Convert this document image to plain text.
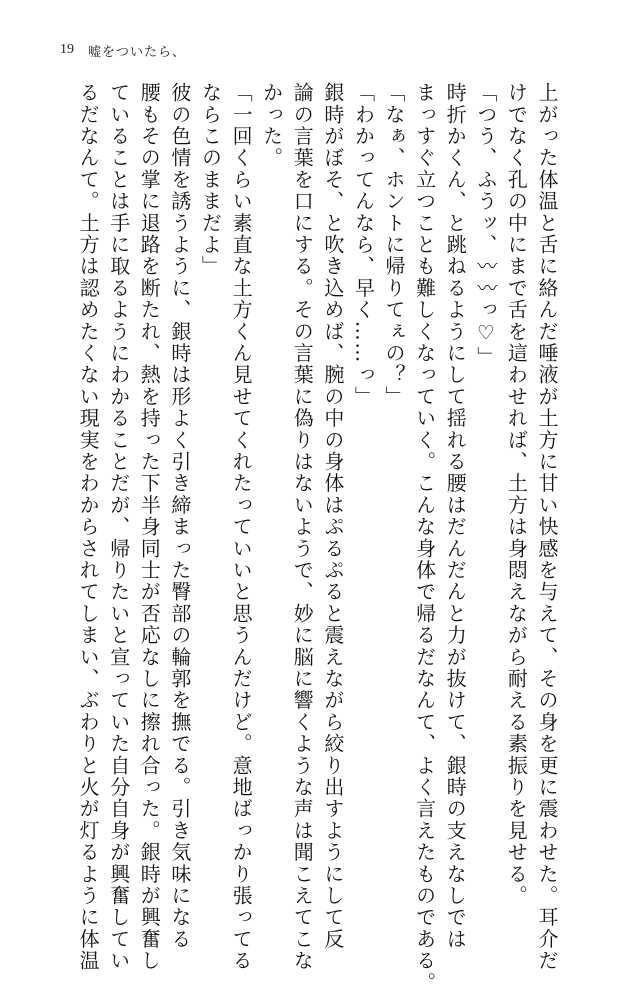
19 嘘をついたら、
上がった体温と舌に絡んだ唾液が土方に甘い快感を与えて、その身を更に震わせた。耳介だ
けでなく孔の中にまで舌を這わせれば、土方は身悶えながら耐える素振りを見せる。
「つう、ふうッ、〰〰っ♡」
時折かくん、と跳ねるようにして揺れる腰はだんだんと力が抜けて、銀時の支えなしでは
まっすぐ立つことも難しくなっていく。こんな身体で帰るだなんて、よく言えたものである。
「なぁ、ホントに帰りてぇの？」
「わかってんなら、早く……っ」
銀時がぼそ、と吹き込めば、腕の中の身体はぷるぷると震えながら絞り出すようにして反
論の言葉を口にする。その言葉に偽りはないようで、妙に脳に響くような声は聞こえてこな
かった。
「一回くらい素直な土方くん見せてくれたっていいと思うんだけど。意地ばっかり張ってる
ならこのままだよ」
彼の色情を誘うように、銀時は形よく引き締まった臀部の輪郭を撫でる。引き気味になる
腰もその掌に退路を断たれ、熱を持った下半身同士が否応なしに擦れ合った。銀時が興奮し
ていることは手に取るようにわかることだが、帰りたいと宣っていた自分自身が興奮してい
るだなんて。土方は認めたくない現実をわからされてしまい、ぶわりと火が灯るように体温
